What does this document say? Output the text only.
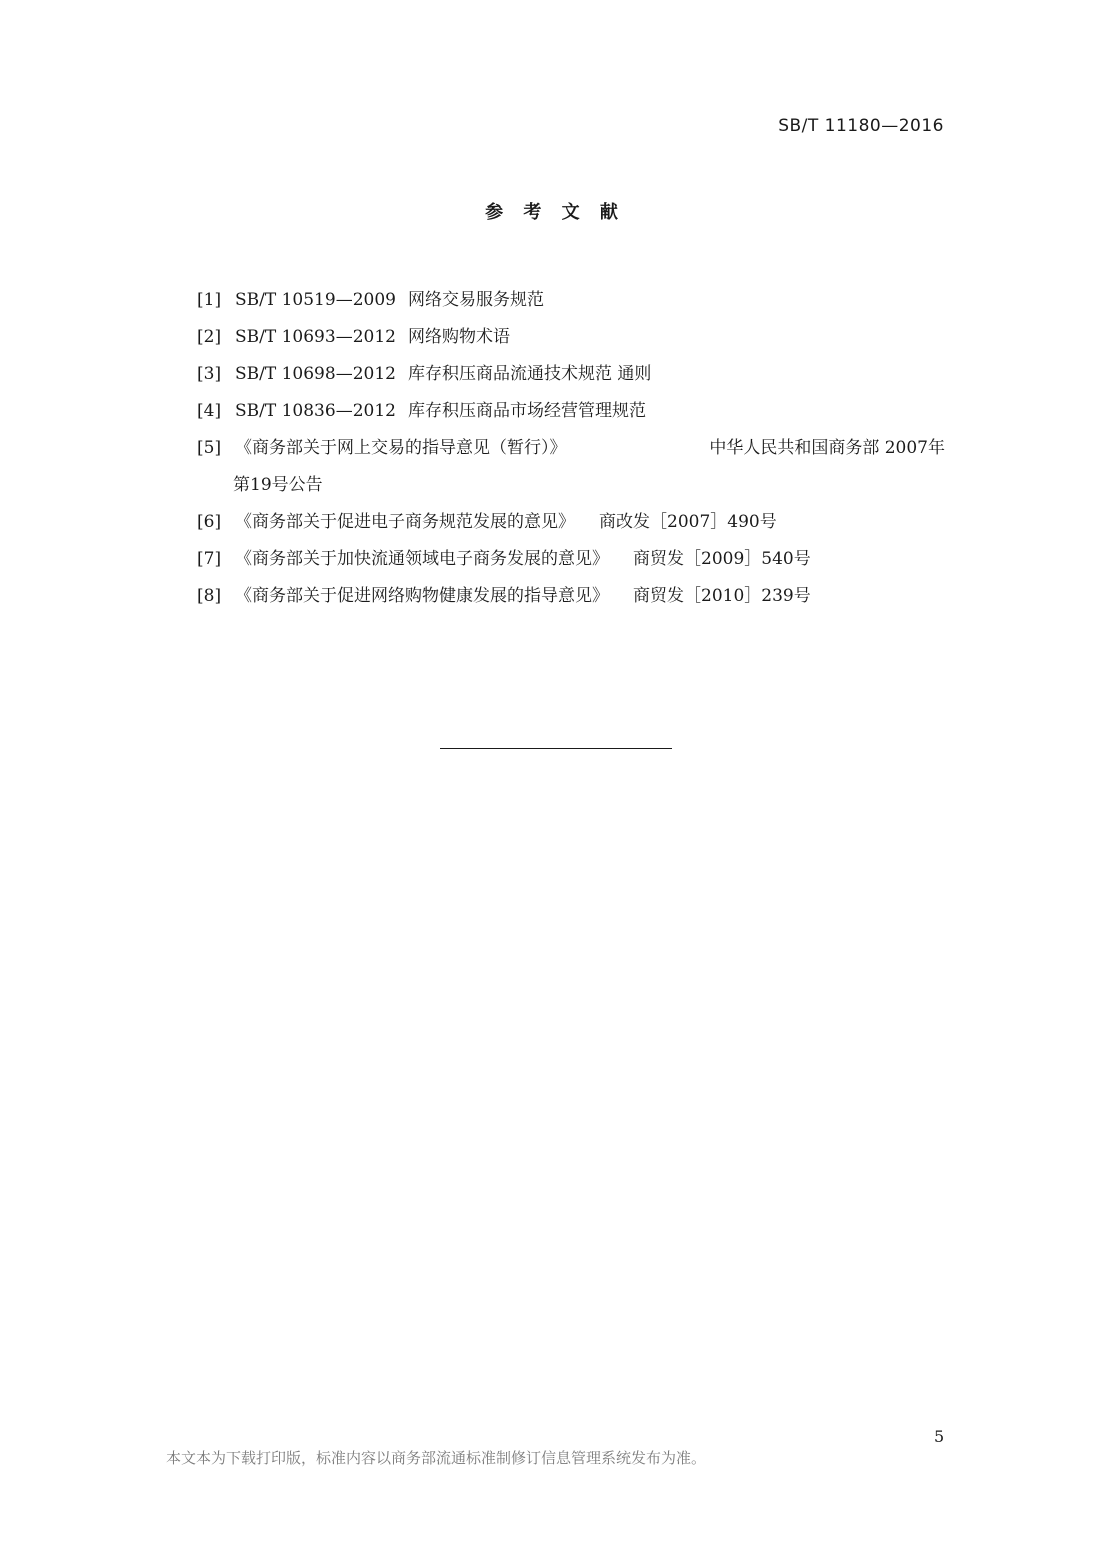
SB/T 11180—2016
参 考 文 献
[1] SB/T 10519—2009 网络交易服务规范
[2] SB/T 10693—2012 网络购物术语
[3] SB/T 10698—2012 库存积压商品流通技术规范 通则
[4] SB/T 10836—2012 库存积压商品市场经营管理规范
[5] 《商务部关于网上交易的指导意见（暂行）》	中华人民共和国商务部 2007年
第19号公告
[6] 《商务部关于促进电子商务规范发展的意见》 商改发［2007］490号
[7] 《商务部关于加快流通领域电子商务发展的意见》 商贸发［2009］540号
[8] 《商务部关于促进网络购物健康发展的指导意见》 商贸发［2010］239号
5
本文本为下载打印版，标准内容以商务部流通标准制修订信息管理系统发布为准。
